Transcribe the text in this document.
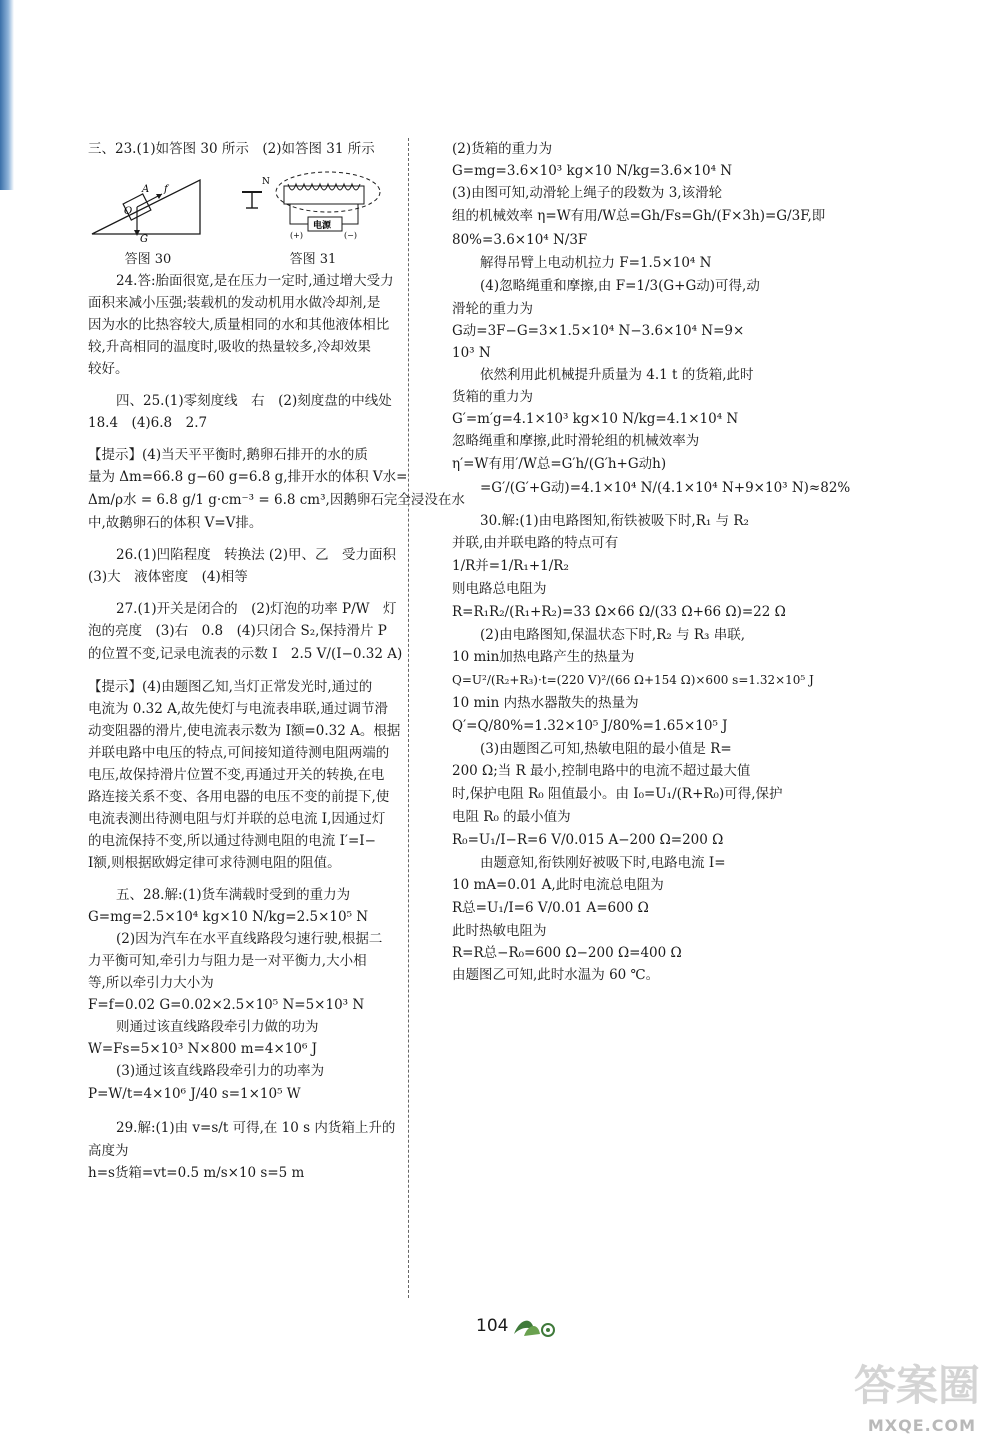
三、23.(1)如答图 30 所示　(2)如答图 31 所示

A f
O
G
答图 30
N
电源
(+)	(−)
答图 31

24.答:胎面很宽,是在压力一定时,通过增大受力

面积来减小压强;装载机的发动机用水做冷却剂,是

因为水的比热容较大,质量相同的水和其他液体相比

较,升高相同的温度时,吸收的热量较多,冷却效果

较好。

四、25.(1)零刻度线　右　(2)刻度盘的中线处

18.4　(4)6.8　2.7

【提示】(4)当天平平衡时,鹅卵石排开的水的质

量为 Δm=66.8 g−60 g=6.8 g,排开水的体积 V水=

Δm/ρ水 = 6.8 g/1 g·cm⁻³ = 6.8 cm³,因鹅卵石完全浸没在水

中,故鹅卵石的体积 V=V排。

26.(1)凹陷程度　转换法 (2)甲、乙　受力面积

(3)大　液体密度　(4)相等

27.(1)开关是闭合的　(2)灯泡的功率 P/W　灯

泡的亮度　(3)右　0.8　(4)只闭合 S₂,保持滑片 P

的位置不变,记录电流表的示数 I　2.5 V/(I−0.32 A)

【提示】(4)由题图乙知,当灯正常发光时,通过的

电流为 0.32 A,故先使灯与电流表串联,通过调节滑

动变阻器的滑片,使电流表示数为 I额=0.32 A。根据

并联电路中电压的特点,可间接知道待测电阻两端的

电压,故保持滑片位置不变,再通过开关的转换,在电

路连接关系不变、各用电器的电压不变的前提下,使

电流表测出待测电阻与灯并联的总电流 I,因通过灯

的电流保持不变,所以通过待测电阻的电流 I′=I−

I额,则根据欧姆定律可求待测电阻的阻值。

五、28.解:(1)货车满载时受到的重力为

G=mg=2.5×10⁴ kg×10 N/kg=2.5×10⁵ N

(2)因为汽车在水平直线路段匀速行驶,根据二

力平衡可知,牵引力与阻力是一对平衡力,大小相

等,所以牵引力大小为

F=f=0.02 G=0.02×2.5×10⁵ N=5×10³ N

则通过该直线路段牵引力做的功为

W=Fs=5×10³ N×800 m=4×10⁶ J

(3)通过该直线路段牵引力的功率为

P=W/t=4×10⁶ J/40 s=1×10⁵ W

29.解:(1)由 v=s/t 可得,在 10 s 内货箱上升的

高度为

h=s货箱=vt=0.5 m/s×10 s=5 m

(2)货箱的重力为

G=mg=3.6×10³ kg×10 N/kg=3.6×10⁴ N

(3)由图可知,动滑轮上绳子的段数为 3,该滑轮

组的机械效率 η=W有用/W总=Gh/Fs=Gh/(F×3h)=G/3F,即

80%=3.6×10⁴ N/3F

解得吊臂上电动机拉力 F=1.5×10⁴ N

(4)忽略绳重和摩擦,由 F=1/3(G+G动)可得,动

滑轮的重力为

G动=3F−G=3×1.5×10⁴ N−3.6×10⁴ N=9×

10³ N

依然利用此机械提升质量为 4.1 t 的货箱,此时

货箱的重力为

G′=m′g=4.1×10³ kg×10 N/kg=4.1×10⁴ N

忽略绳重和摩擦,此时滑轮组的机械效率为

η′=W有用′/W总=G′h/(G′h+G动h)

=G′/(G′+G动)=4.1×10⁴ N/(4.1×10⁴ N+9×10³ N)≈82%

30.解:(1)由电路图知,衔铁被吸下时,R₁ 与 R₂

并联,由并联电路的特点可有

1/R并=1/R₁+1/R₂

则电路总电阻为

R=R₁R₂/(R₁+R₂)=33 Ω×66 Ω/(33 Ω+66 Ω)=22 Ω

(2)由电路图知,保温状态下时,R₂ 与 R₃ 串联,

10 min加热电路产生的热量为

Q=U²/(R₂+R₃)·t=(220 V)²/(66 Ω+154 Ω)×600 s=1.32×10⁵ J

10 min 内热水器散失的热量为

Q′=Q/80%=1.32×10⁵ J/80%=1.65×10⁵ J

(3)由题图乙可知,热敏电阻的最小值是 R=

200 Ω;当 R 最小,控制电路中的电流不超过最大值

时,保护电阻 R₀ 阻值最小。由 I₀=U₁/(R+R₀)可得,保护

电阻 R₀ 的最小值为

R₀=U₁/I−R=6 V/0.015 A−200 Ω=200 Ω

由题意知,衔铁刚好被吸下时,电路电流 I=

10 mA=0.01 A,此时电流总电阻为

R总=U₁/I=6 V/0.01 A=600 Ω

此时热敏电阻为

R=R总−R₀=600 Ω−200 Ω=400 Ω

由题图乙可知,此时水温为 60 ℃。

104
答案圈
MXQE.COM
